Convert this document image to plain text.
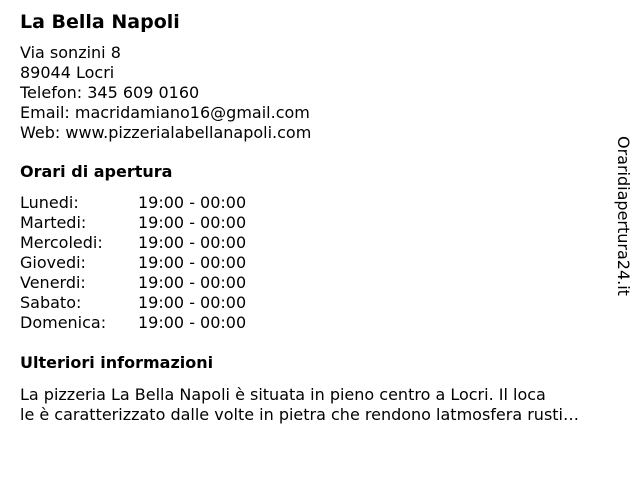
La Bella Napoli
Via sonzini 8
89044 Locri
Telefon: 345 609 0160
Email: macridamiano16@gmail.com
Web: www.pizzerialabellanapoli.com
Orari di apertura
Lunedi:	19:00 - 00:00
Martedi:	19:00 - 00:00
Mercoledi:	19:00 - 00:00
Giovedi:	19:00 - 00:00
Venerdi:	19:00 - 00:00
Sabato:	19:00 - 00:00
Domenica:	19:00 - 00:00
Ulteriori informazioni
La pizzeria La Bella Napoli è situata in pieno centro a Locri. Il loca
le è caratterizzato dalle volte in pietra che rendono latmosfera rusti…
Oraridiapertura24.it
